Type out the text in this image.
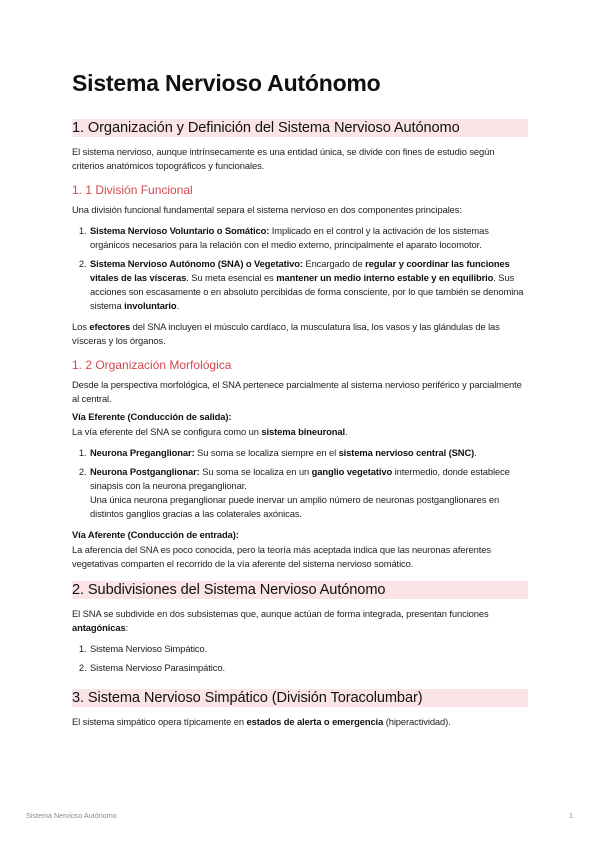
Sistema Nervioso Autónomo
1. Organización y Definición del Sistema Nervioso Autónomo

El sistema nervioso, aunque intrínsecamente es una entidad única, se divide con fines de estudio según criterios anatómicos topográficos y funcionales.

1. 1 División Funcional

Una división funcional fundamental separa el sistema nervioso en dos componentes principales:

1. Sistema Nervioso Voluntario o Somático: Implicado en el control y la activación de los sistemas orgánicos necesarios para la relación con el medio externo, principalmente el aparato locomotor.
2. Sistema Nervioso Autónomo (SNA) o Vegetativo: Encargado de regular y coordinar las funciones vitales de las vísceras. Su meta esencial es mantener un medio interno estable y en equilibrio. Sus acciones son escasamente o en absoluto percibidas de forma consciente, por lo que también se denomina sistema involuntario.

Los efectores del SNA incluyen el músculo cardíaco, la musculatura lisa, los vasos y las glándulas de las vísceras y los órganos.

1. 2 Organización Morfológica

Desde la perspectiva morfológica, el SNA pertenece parcialmente al sistema nervioso periférico y parcialmente al central.

Vía Eferente (Conducción de salida):

La vía eferente del SNA se configura como un sistema bineuronal.

1. Neurona Preganglionar: Su soma se localiza siempre en el sistema nervioso central (SNC).
2. Neurona Postganglionar: Su soma se localiza en un ganglio vegetativo intermedio, donde establece sinapsis con la neurona preganglionar.
Una única neurona preganglionar puede inervar un amplio número de neuronas postganglionares en distintos ganglios gracias a las colaterales axónicas.

Vía Aferente (Conducción de entrada):

La aferencia del SNA es poco conocida, pero la teoría más aceptada indica que las neuronas aferentes vegetativas comparten el recorrido de la vía aferente del sistema nervioso somático.

2. Subdivisiones del Sistema Nervioso Autónomo

El SNA se subdivide en dos subsistemas que, aunque actúan de forma integrada, presentan funciones antagónicas:

1. Sistema Nervioso Simpático.
2. Sistema Nervioso Parasimpático.
3. Sistema Nervioso Simpático (División Toracolumbar)

El sistema simpático opera típicamente en estados de alerta o emergencia (hiperactividad).

Sistema Nervioso Autónomo	1
